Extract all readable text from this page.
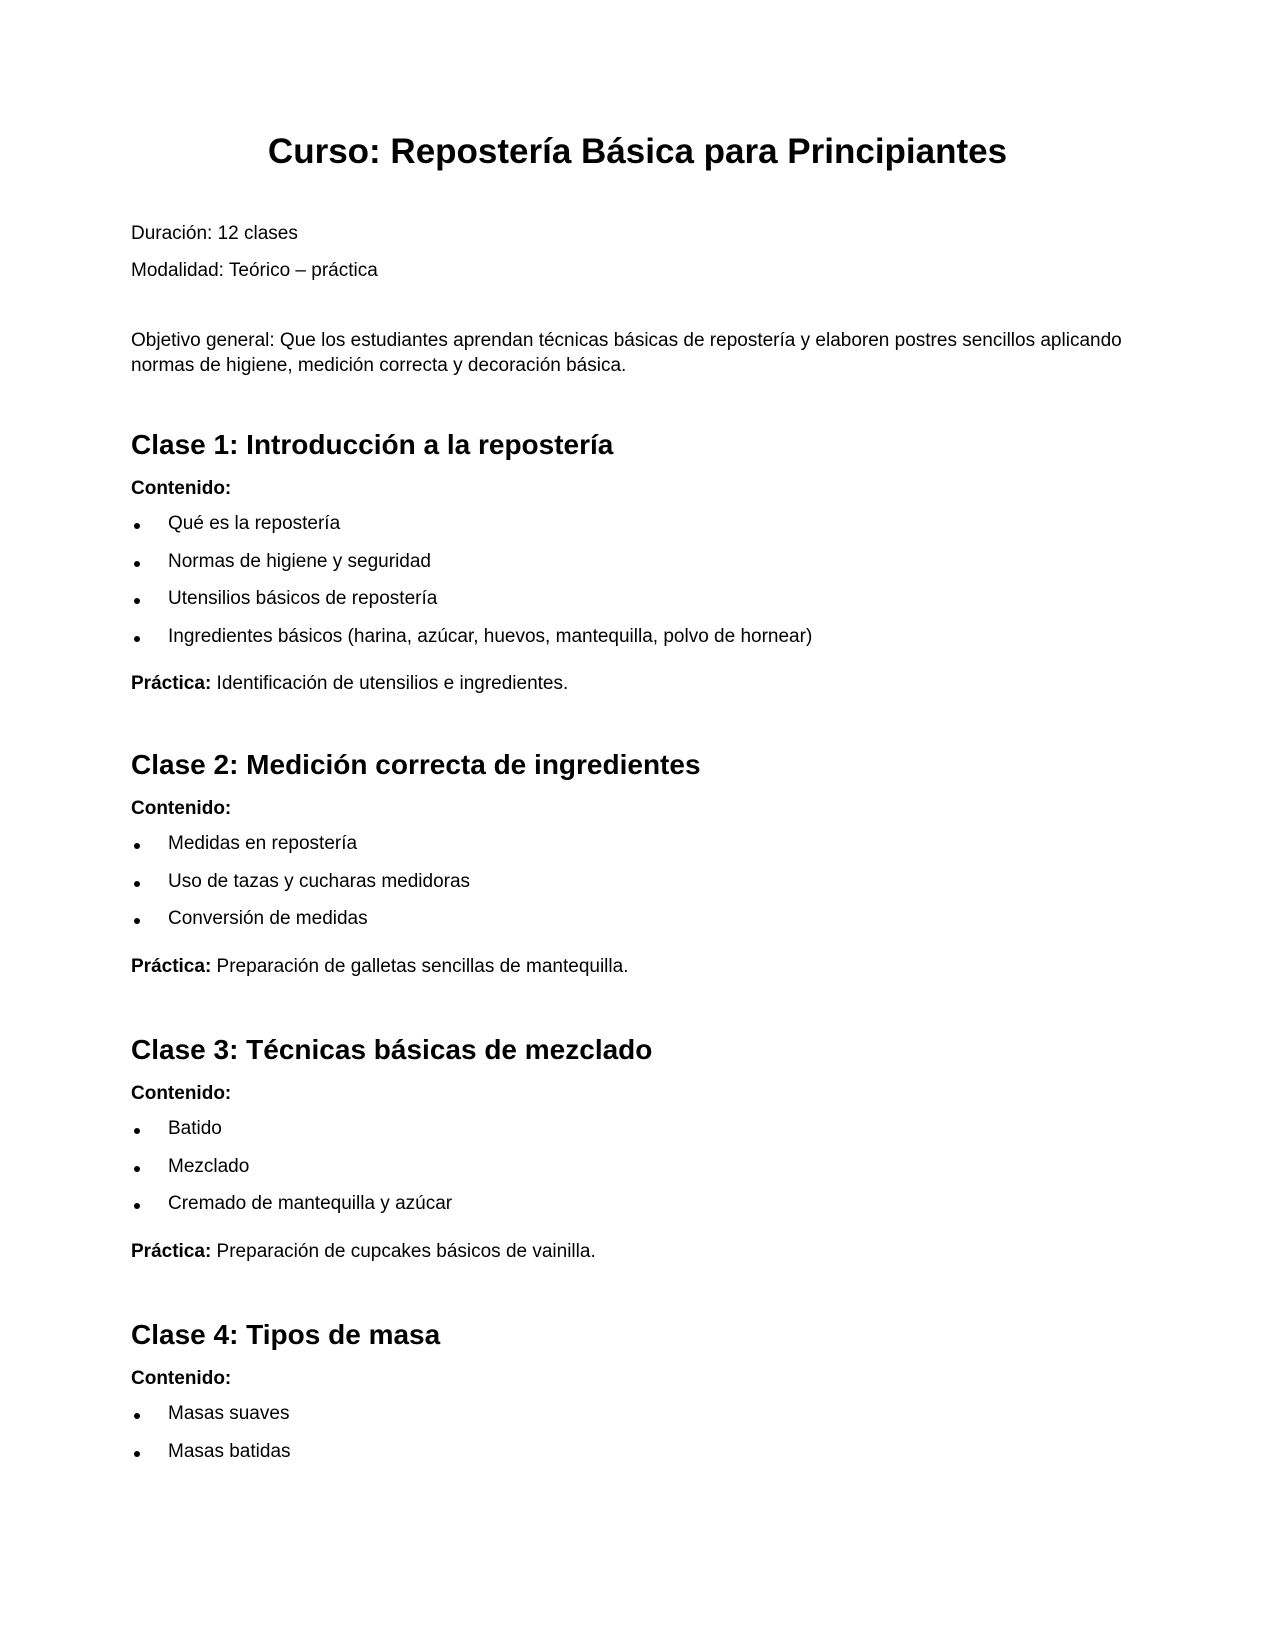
Curso: Repostería Básica para Principiantes
Duración: 12 clases
Modalidad: Teórico – práctica
Objetivo general: Que los estudiantes aprendan técnicas básicas de repostería y elaboren postres sencillos aplicando normas de higiene, medición correcta y decoración básica.
Clase 1: Introducción a la repostería
Contenido:
Qué es la repostería
Normas de higiene y seguridad
Utensilios básicos de repostería
Ingredientes básicos (harina, azúcar, huevos, mantequilla, polvo de hornear)
Práctica: Identificación de utensilios e ingredientes.
Clase 2: Medición correcta de ingredientes
Contenido:
Medidas en repostería
Uso de tazas y cucharas medidoras
Conversión de medidas
Práctica: Preparación de galletas sencillas de mantequilla.
Clase 3: Técnicas básicas de mezclado
Contenido:
Batido
Mezclado
Cremado de mantequilla y azúcar
Práctica: Preparación de cupcakes básicos de vainilla.
Clase 4: Tipos de masa
Contenido:
Masas suaves
Masas batidas
